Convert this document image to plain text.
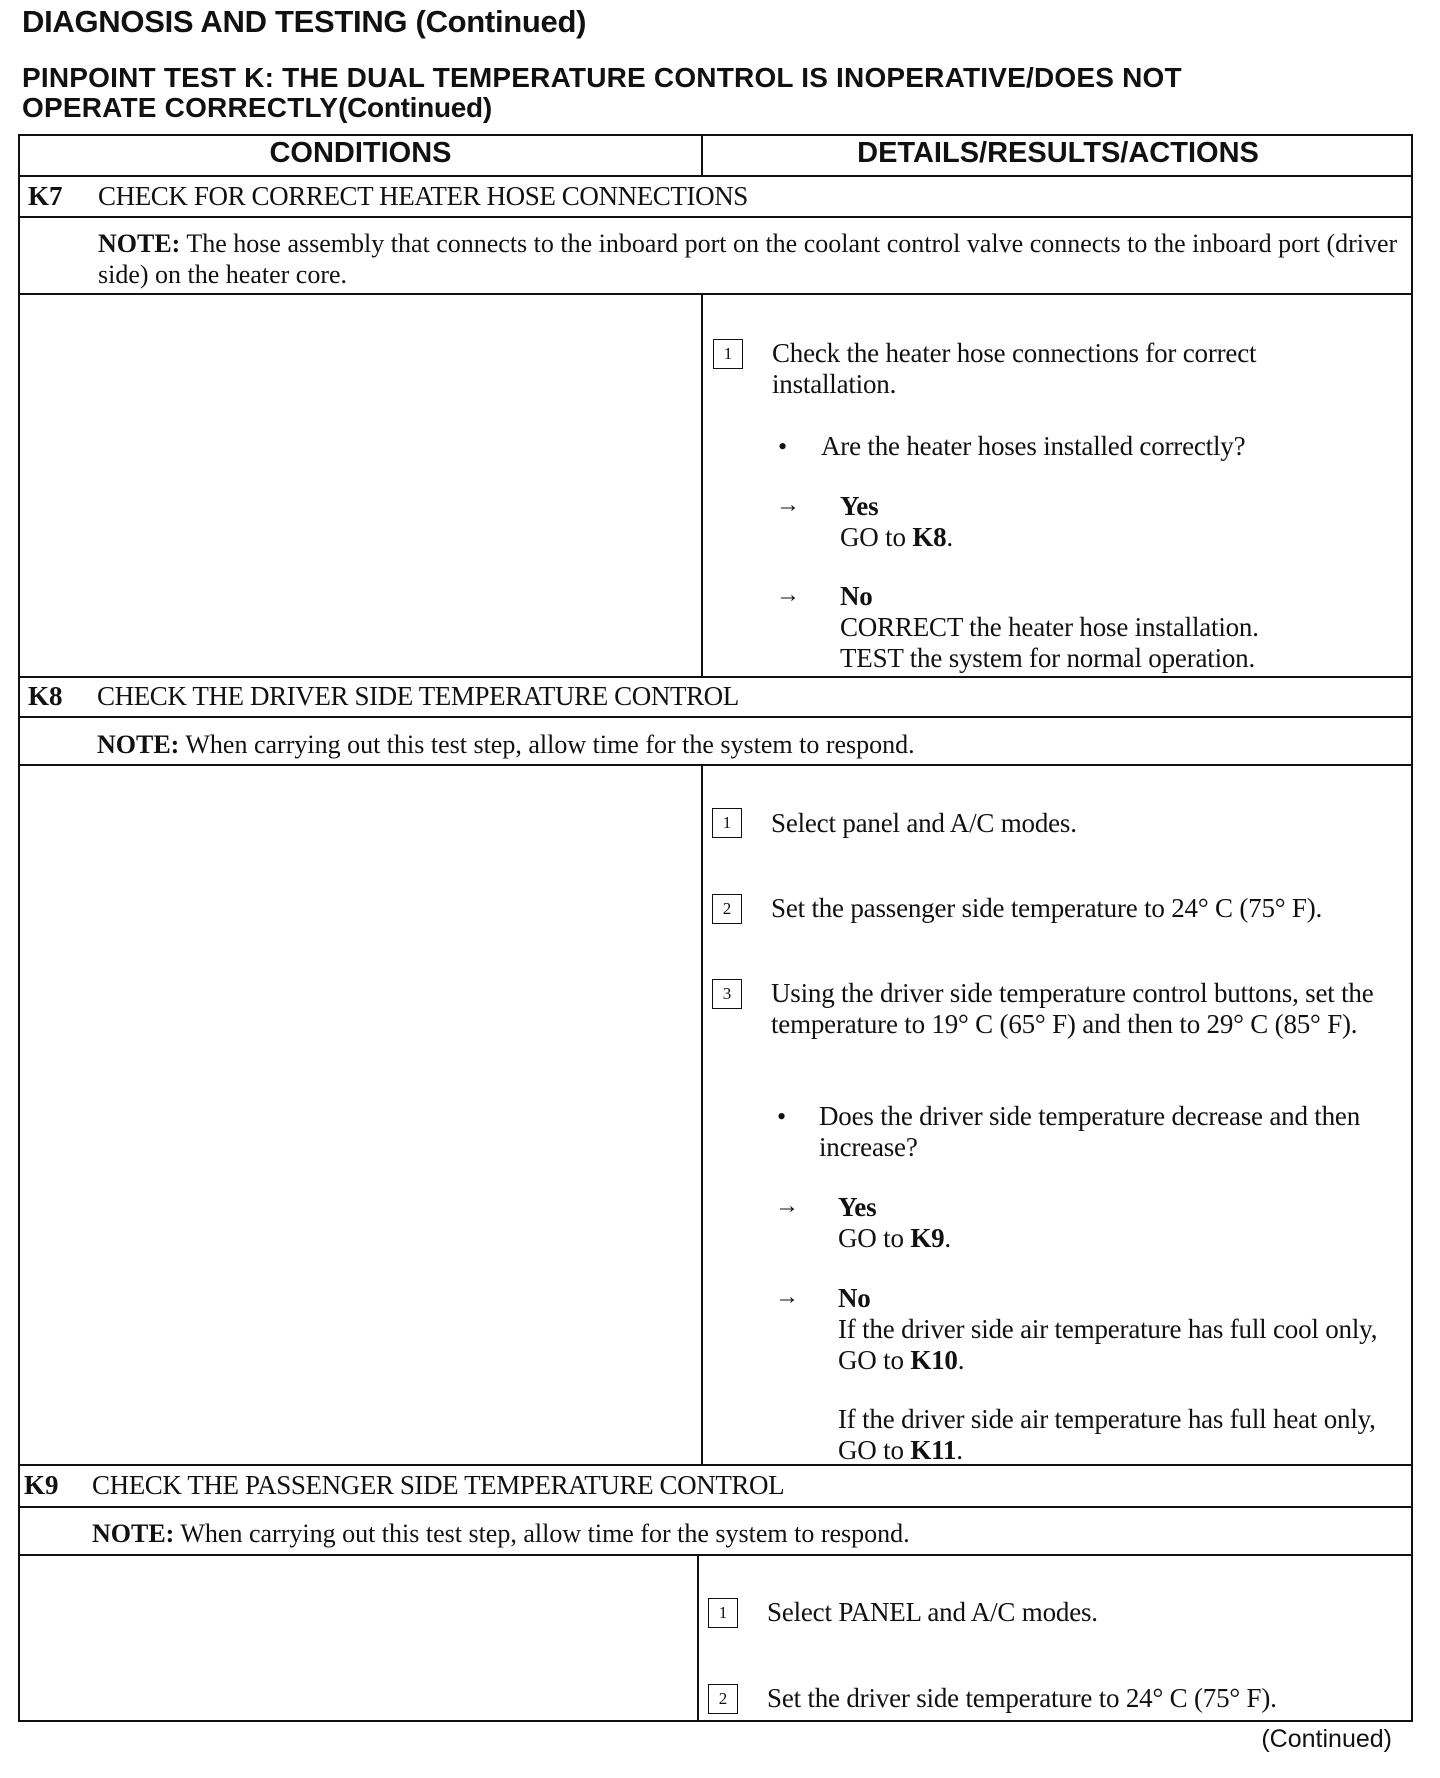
DIAGNOSIS AND TESTING (Continued)
PINPOINT TEST K: THE DUAL TEMPERATURE CONTROL IS INOPERATIVE/DOES NOT
OPERATE CORRECTLY(Continued)
CONDITIONS	DETAILS/RESULTS/ACTIONS
K7 CHECK FOR CORRECT HEATER HOSE CONNECTIONS
NOTE: The hose assembly that connects to the inboard port on the coolant control valve connects to the inboard port (driver side) on the heater core.
1	Check the heater hose connections for correct installation.
• Are the heater hoses installed correctly?
→ Yes
GO to K8.
→ No
CORRECT the heater hose installation.
TEST the system for normal operation.
K8 CHECK THE DRIVER SIDE TEMPERATURE CONTROL
NOTE: When carrying out this test step, allow time for the system to respond.
1	Select panel and A/C modes.
2	Set the passenger side temperature to 24° C (75° F).
3	Using the driver side temperature control buttons, set the temperature to 19° C (65° F) and then to 29° C (85° F).
• Does the driver side temperature decrease and then increase?
→ Yes
GO to K9.
→ No
If the driver side air temperature has full cool only, GO to K10.
If the driver side air temperature has full heat only, GO to K11.
K9 CHECK THE PASSENGER SIDE TEMPERATURE CONTROL
NOTE: When carrying out this test step, allow time for the system to respond.
1	Select PANEL and A/C modes.
2	Set the driver side temperature to 24° C (75° F).
(Continued)
